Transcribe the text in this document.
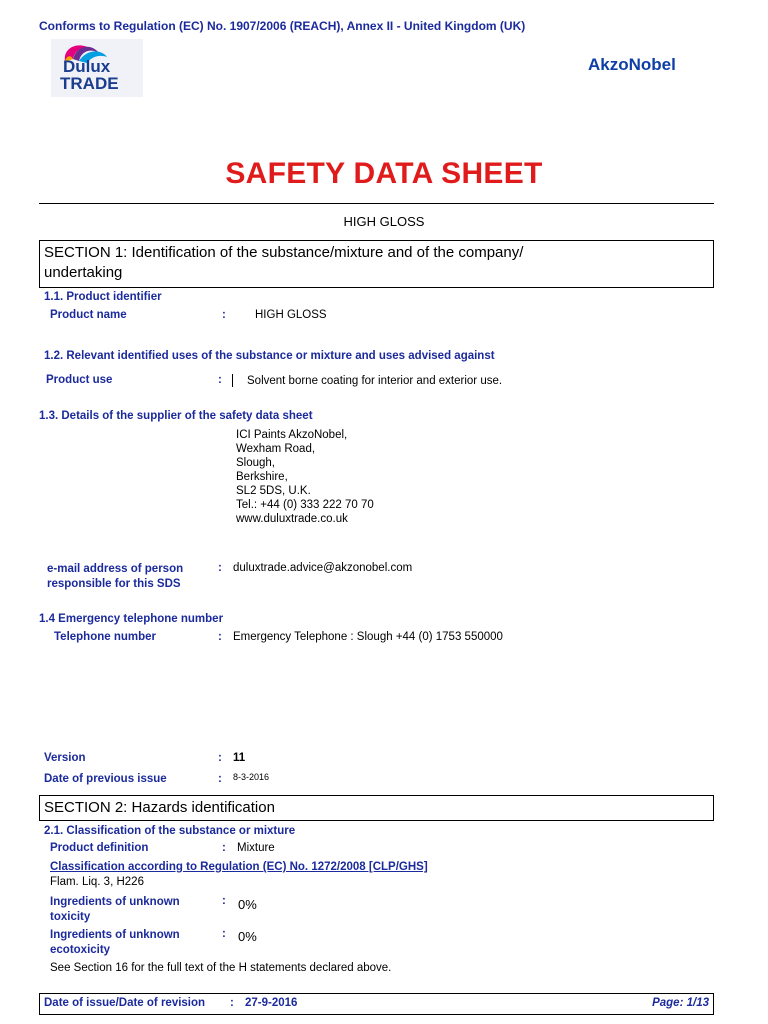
Conforms to Regulation (EC) No. 1907/2006 (REACH), Annex II - United Kingdom (UK)
Dulux
TRADE
AkzoNobel
SAFETY DATA SHEET
HIGH GLOSS
SECTION 1: Identification of the substance/mixture and of the company/
undertaking
1.1. Product identifier
Product name	:	HIGH GLOSS
1.2. Relevant identified uses of the substance or mixture and uses advised against
Product use	: Solvent borne coating for interior and exterior use.
1.3. Details of the supplier of the safety data sheet
ICI Paints AkzoNobel,
Wexham Road,
Slough,
Berkshire,
SL2 5DS, U.K.
Tel.: +44 (0) 333 222 70 70
www.duluxtrade.co.uk
e-mail address of person
responsible for this SDS
: duluxtrade.advice@akzonobel.com
1.4 Emergency telephone number
Telephone number	: Emergency Telephone : Slough +44 (0) 1753 550000
Version	: 11
Date of previous issue	: 8-3-2016
SECTION 2: Hazards identification
2.1. Classification of the substance or mixture
Product definition	: Mixture
Classification according to Regulation (EC) No. 1272/2008 [CLP/GHS]
Flam. Liq. 3, H226
Ingredients of unknown
toxicity
: 0%
Ingredients of unknown
ecotoxicity
: 0%
See Section 16 for the full text of the H statements declared above.
Date of issue/Date of revision : 27-9-2016	Page: 1/13
